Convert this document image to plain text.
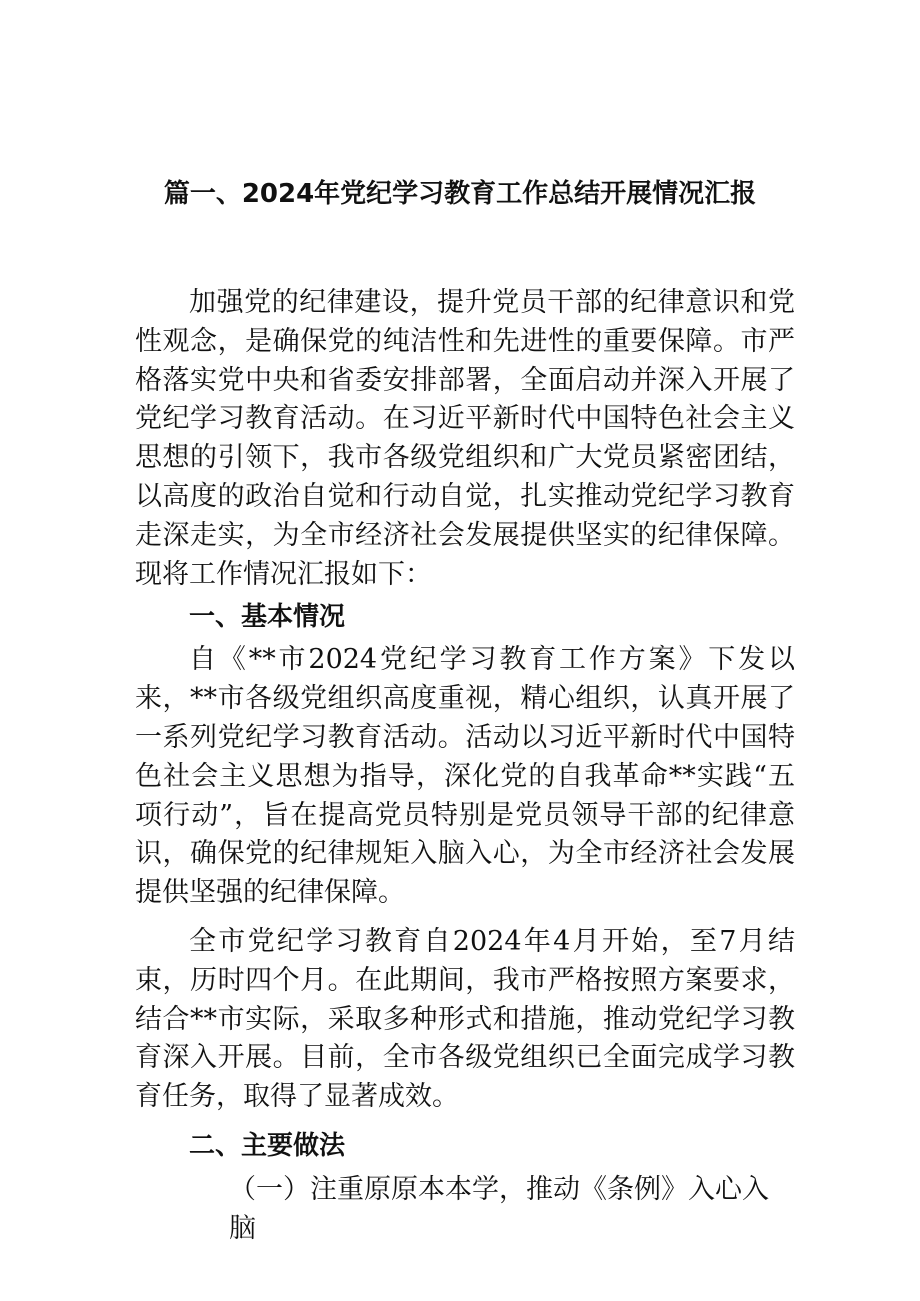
篇一、2024年党纪学习教育工作总结开展情况汇报

加强党的纪律建设，提升党员干部的纪律意识和党性观念，是确保党的纯洁性和先进性的重要保障。市严格落实党中央和省委安排部署，全面启动并深入开展了党纪学习教育活动。在习近平新时代中国特色社会主义思想的引领下，我市各级党组织和广大党员紧密团结，以高度的政治自觉和行动自觉，扎实推动党纪学习教育走深走实，为全市经济社会发展提供坚实的纪律保障。现将工作情况汇报如下：

一、基本情况

自《**市2024党纪学习教育工作方案》下发以来，**市各级党组织高度重视，精心组织，认真开展了一系列党纪学习教育活动。活动以习近平新时代中国特色社会主义思想为指导，深化党的自我革命**实践“五项行动”，旨在提高党员特别是党员领导干部的纪律意识，确保党的纪律规矩入脑入心，为全市经济社会发展提供坚强的纪律保障。

全市党纪学习教育自2024年4月开始，至7月结束，历时四个月。在此期间，我市严格按照方案要求，结合**市实际，采取多种形式和措施，推动党纪学习教育深入开展。目前，全市各级党组织已全面完成学习教育任务，取得了显著成效。

二、主要做法

（一）注重原原本本学，推动《条例》入心入脑
